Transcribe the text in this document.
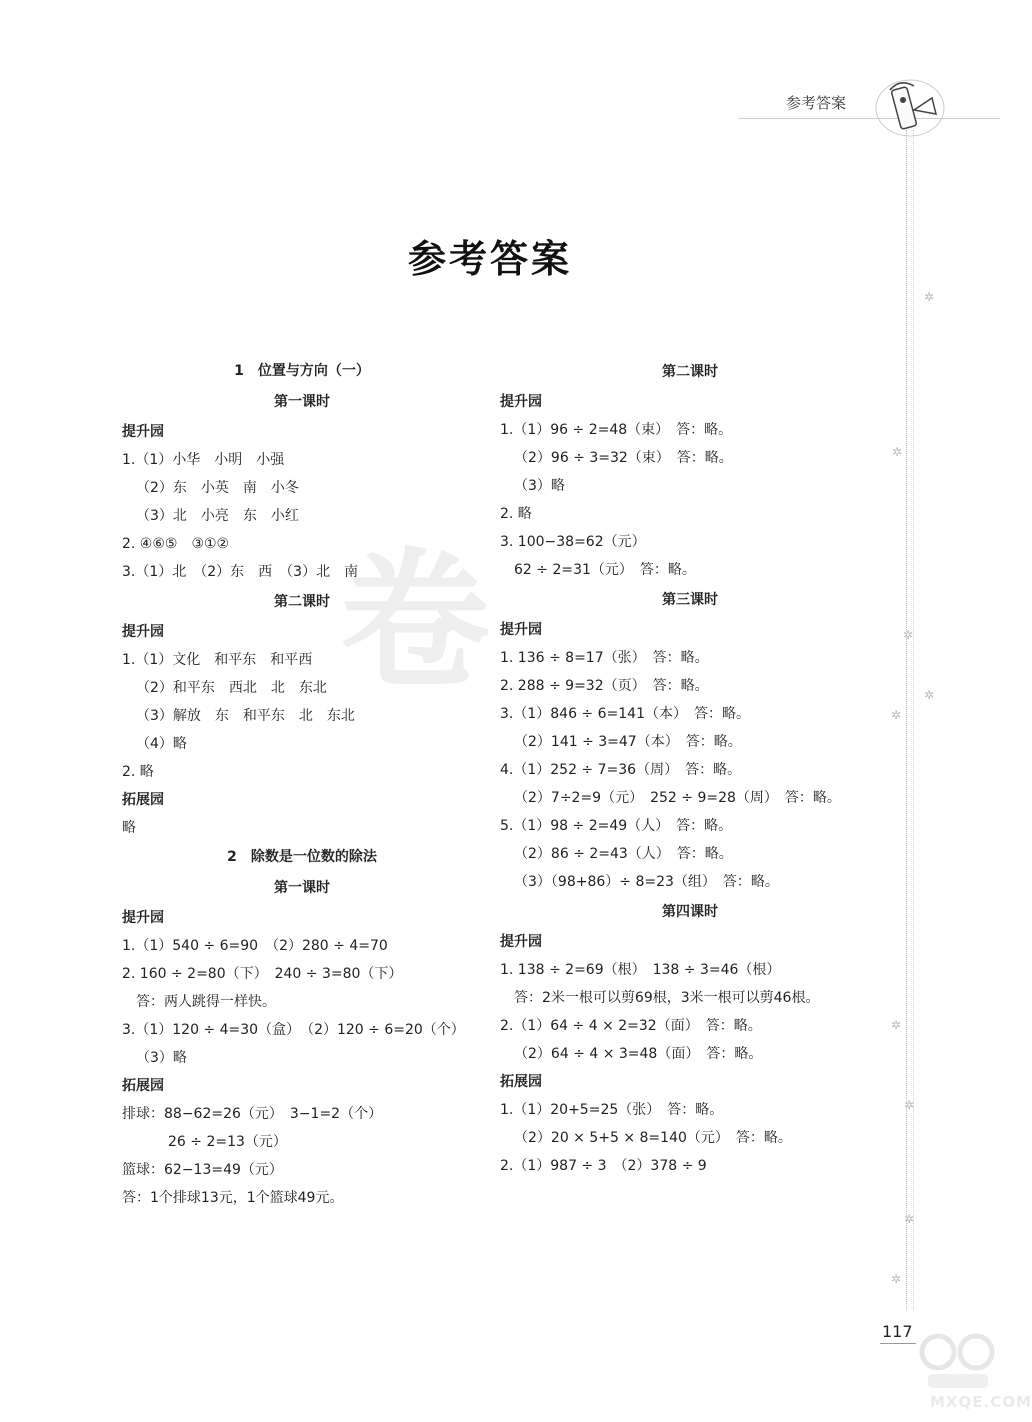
参考答案
✲
✲
✲
✲
✲
✲
✲
✲
✲
卷
参考答案
1　位置与方向（一）
第一课时
提升园
1.（1）小华　小明　小强
（2）东　小英　南　小冬
（3）北　小亮　东　小红
2. ④⑥⑤　③①②
3.（1）北　（2）东　西　（3）北　南
第二课时
提升园
1.（1）文化　和平东　和平西
（2）和平东　西北　北　东北
（3）解放　东　和平东　北　东北
（4）略
2. 略
拓展园
略
2　除数是一位数的除法
第一课时
提升园
1.（1）540 ÷ 6=90　（2）280 ÷ 4=70
2. 160 ÷ 2=80（下）　240 ÷ 3=80（下）
答：两人跳得一样快。
3.（1）120 ÷ 4=30（盒）　（2）120 ÷ 6=20（个）
（3）略
拓展园
排球：88−62=26（元）　3−1=2（个）
26 ÷ 2=13（元）
篮球：62−13=49（元）
答：1个排球13元，1个篮球49元。
第二课时
提升园
1.（1）96 ÷ 2=48（束）　答：略。
（2）96 ÷ 3=32（束）　答：略。
（3）略
2. 略
3. 100−38=62（元）
62 ÷ 2=31（元）　答：略。
第三课时
提升园
1. 136 ÷ 8=17（张）　答：略。
2. 288 ÷ 9=32（页）　答：略。
3.（1）846 ÷ 6=141（本）　答：略。
（2）141 ÷ 3=47（本）　答：略。
4.（1）252 ÷ 7=36（周）　答：略。
（2）7÷2=9（元）　252 ÷ 9=28（周）　答：略。
5.（1）98 ÷ 2=49（人）　答：略。
（2）86 ÷ 2=43（人）　答：略。
（3）（98+86）÷ 8=23（组）　答：略。
第四课时
提升园
1. 138 ÷ 2=69（根）　138 ÷ 3=46（根）
答：2米一根可以剪69根，3米一根可以剪46根。
2.（1）64 ÷ 4 × 2=32（面）　答：略。
（2）64 ÷ 4 × 3=48（面）　答：略。
拓展园
1.（1）20+5=25（张）　答：略。
（2）20 × 5+5 × 8=140（元）　答：略。
2.（1）987 ÷ 3　（2）378 ÷ 9
117
MXQE.COM
